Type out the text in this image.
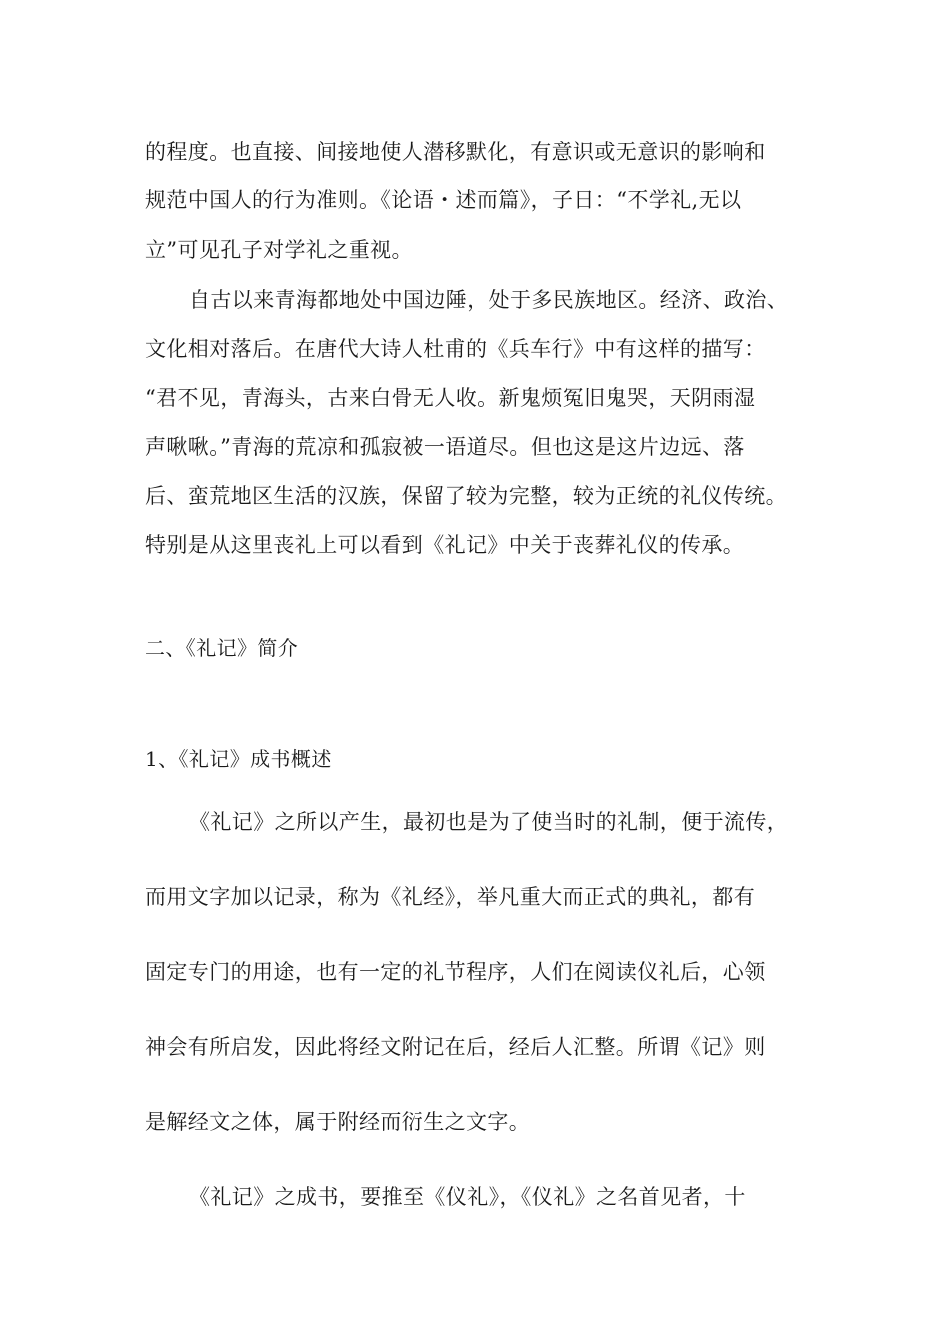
的程度。也直接、间接地使人潜移默化，有意识或无意识的影响和
规范中国人的行为准则。《论语・述而篇》，子日：“不学礼,无以
立”可见孔子对学礼之重视。
自古以来青海都地处中国边陲，处于多民族地区。经济、政治、
文化相对落后。在唐代大诗人杜甫的《兵车行》中有这样的描写：
“君不见，青海头，古来白骨无人收。新鬼烦冤旧鬼哭，天阴雨湿
声啾啾。”青海的荒凉和孤寂被一语道尽。但也这是这片边远、落
后、蛮荒地区生活的汉族，保留了较为完整，较为正统的礼仪传统。
特别是从这里丧礼上可以看到《礼记》中关于丧葬礼仪的传承。
二、《礼记》简介
1、《礼记》成书概述
《礼记》之所以产生，最初也是为了使当时的礼制，便于流传，
而用文字加以记录，称为《礼经》，举凡重大而正式的典礼，都有
固定专门的用途，也有一定的礼节程序，人们在阅读仪礼后，心领
神会有所启发，因此将经文附记在后，经后人汇整。所谓《记》则
是解经文之体，属于附经而衍生之文字。
《礼记》之成书，要推至《仪礼》，《仪礼》之名首见者，十
